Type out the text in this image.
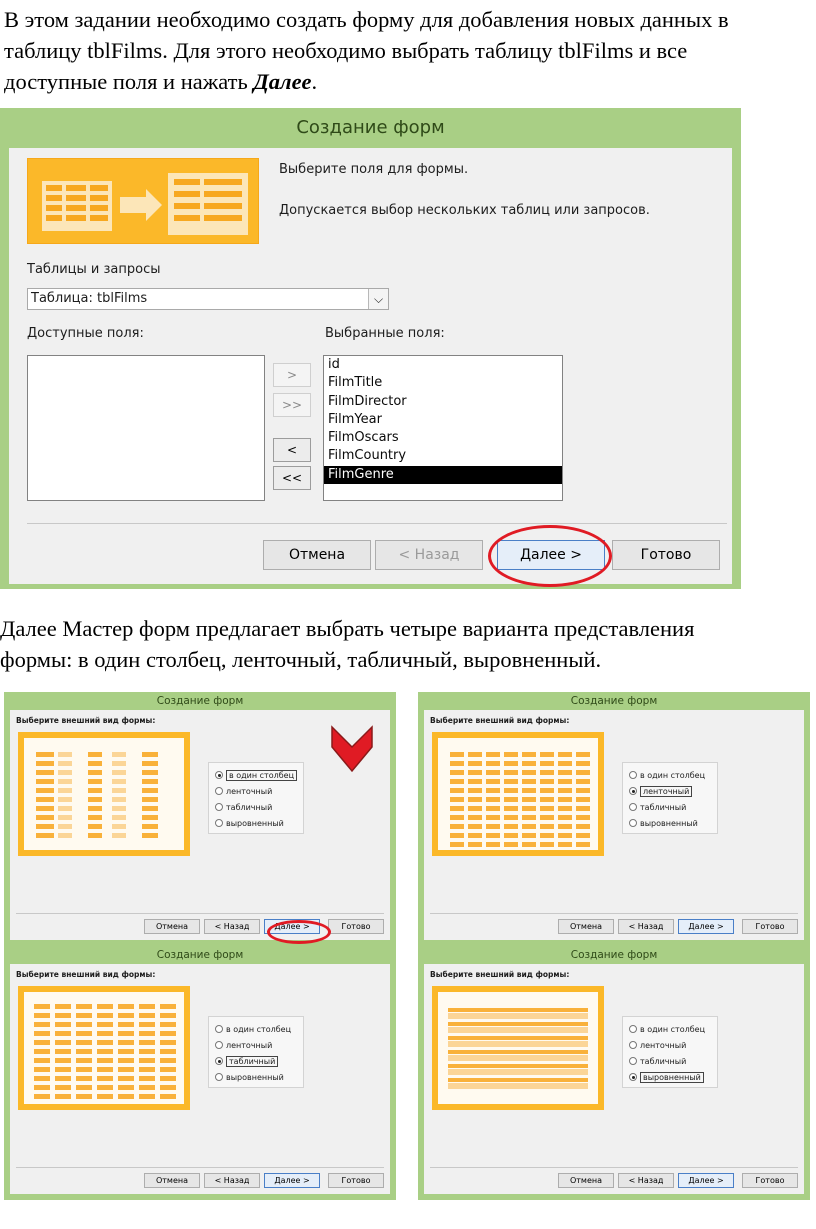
В этом задании необходимо создать форму для добавления новых данных в
таблицу tblFilms. Для этого необходимо выбрать таблицу tblFilms и все
доступные поля и нажать Далее.
Создание форм
Выберите поля для формы.
Допускается выбор нескольких таблиц или запросов.
Таблицы и запросы
Таблица: tblFilms	⌵
Доступные поля:	Выбранные поля:
>
>>
<
<<
id
FilmTitle
FilmDirector
FilmYear
FilmOscars
FilmCountry
FilmGenre
Отмена	< Назад	Далее >	Готово
Далее Мастер форм предлагает выбрать четыре варианта представления
формы: в один столбец, ленточный, табличный, выровненный.
Создание форм
Выберите внешний вид формы:
в один столбец
ленточный
табличный
выровненный
Отмена	< Назад	Далее >	Готово
Создание форм
Выберите внешний вид формы:
в один столбец
ленточный
табличный
выровненный
Отмена	< Назад	Далее >	Готово
Создание форм
Выберите внешний вид формы:
в один столбец
ленточный
табличный
выровненный
Отмена	< Назад	Далее >	Готово
Создание форм
Выберите внешний вид формы:
в один столбец
ленточный
табличный
выровненный
Отмена	< Назад	Далее >	Готово
